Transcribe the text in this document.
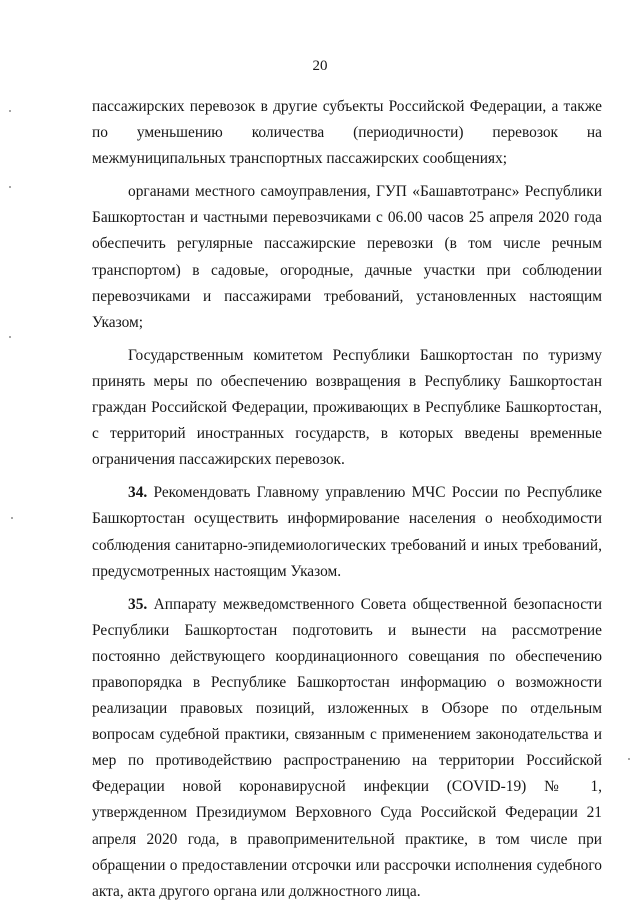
20

пассажирских перевозок в другие субъекты Российской Федерации, а также по уменьшению количества (периодичности) перевозок на межмуниципальных транспортных пассажирских сообщениях;

органами местного самоуправления, ГУП «Башавтотранс» Республики Башкортостан и частными перевозчиками с 06.00 часов 25 апреля 2020 года обеспечить регулярные пассажирские перевозки (в том числе речным транспортом) в садовые, огородные, дачные участки при соблюдении перевозчиками и пассажирами требований, установленных настоящим Указом;

Государственным комитетом Республики Башкортостан по туризму принять меры по обеспечению возвращения в Республику Башкортостан граждан Российской Федерации, проживающих в Республике Башкортостан, с территорий иностранных государств, в которых введены временные ограничения пассажирских перевозок.

34. Рекомендовать Главному управлению МЧС России по Республике Башкортостан осуществить информирование населения о необходимости соблюдения санитарно-эпидемиологических требований и иных требований, предусмотренных настоящим Указом.

35. Аппарату межведомственного Совета общественной безопасности Республики Башкортостан подготовить и вынести на рассмотрение постоянно действующего координационного совещания по обеспечению правопорядка в Республике Башкортостан информацию о возможности реализации правовых позиций, изложенных в Обзоре по отдельным вопросам судебной практики, связанным с применением законодательства и мер по противодействию распространению на территории Российской Федерации новой коронавирусной инфекции (COVID-19) № 1, утвержденном Президиумом Верховного Суда Российской Федерации 21 апреля 2020 года, в правоприменительной практике, в том числе при обращении о предоставлении отсрочки или рассрочки исполнения судебного акта, акта другого органа или должностного лица.
